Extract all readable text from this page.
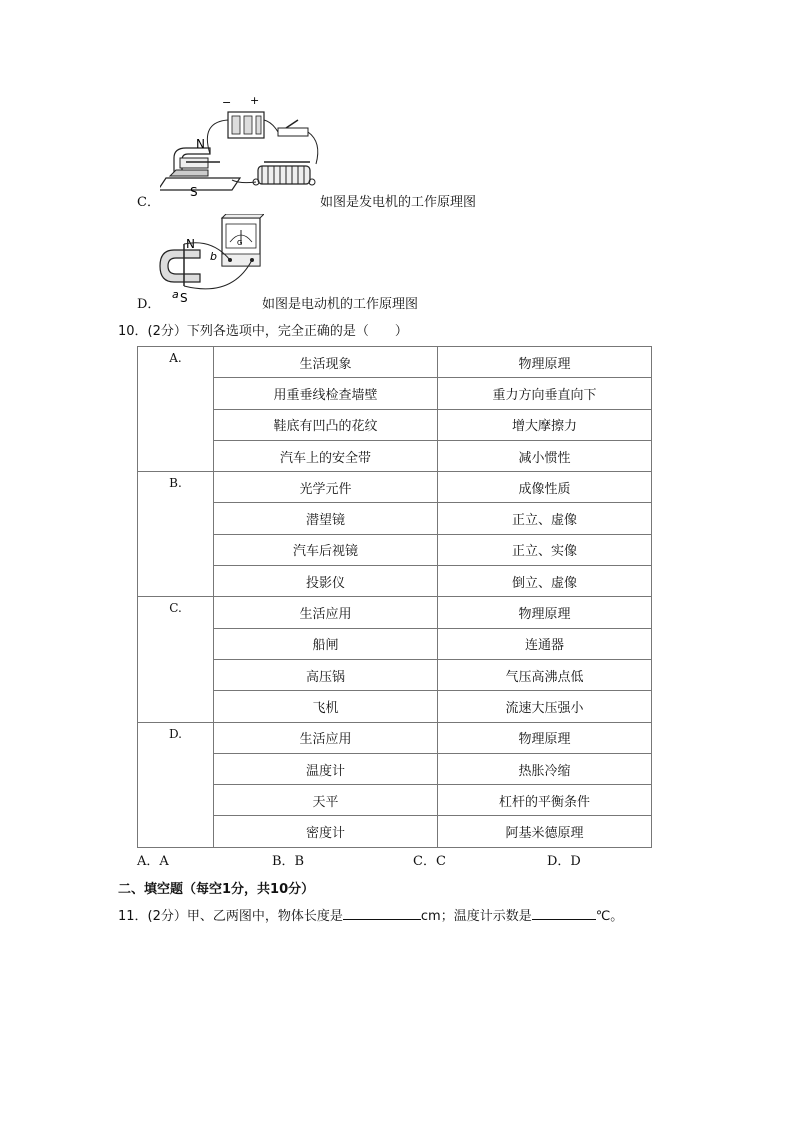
C．
N
S
− +
如图是发电机的工作原理图
D．
N
S
a
b
G
如图是电动机的工作原理图
10．(2分）下列各选项中，完全正确的是（　　）
A.	生活现象	物理原理
	用重垂线检查墙壁	重力方向垂直向下
	鞋底有凹凸的花纹	增大摩擦力
	汽车上的安全带	减小惯性
B.	光学元件	成像性质
	潜望镜	正立、虚像
	汽车后视镜	正立、实像
	投影仪	倒立、虚像
C.	生活应用	物理原理
	船闸	连通器
	高压锅	气压高沸点低
	飞机	流速大压强小
D.	生活应用	物理原理
	温度计	热胀冷缩
	天平	杠杆的平衡条件
	密度计	阿基米德原理
A．A	B．B	C．C	D．D
二、填空题（每空1分，共10分）
11．(2分）甲、乙两图中，物体长度是	cm；温度计示数是	℃。
